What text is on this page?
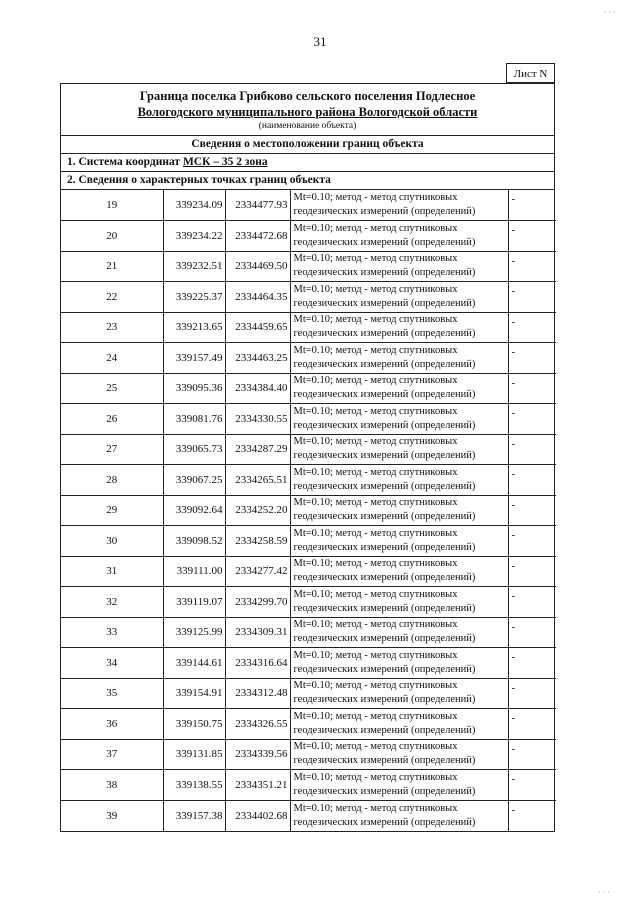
31
Лист N
Граница поселка Грибково сельского поселения Подлесное
Вологодского муниципального района Вологодской области
(наименование объекта)
Сведения о местоположении границ объекта
1. Система координат МСК – 35 2 зона
2. Сведения о характерных точках границ объекта
19	339234.09	2334477.93	Mt=0.10; метод - метод спутниковых
геодезических измерений (определений)	-
20	339234.22	2334472.68	Mt=0.10; метод - метод спутниковых
геодезических измерений (определений)	-
21	339232.51	2334469.50	Mt=0.10; метод - метод спутниковых
геодезических измерений (определений)	-
22	339225.37	2334464.35	Mt=0.10; метод - метод спутниковых
геодезических измерений (определений)	-
23	339213.65	2334459.65	Mt=0.10; метод - метод спутниковых
геодезических измерений (определений)	-
24	339157.49	2334463.25	Mt=0.10; метод - метод спутниковых
геодезических измерений (определений)	-
25	339095.36	2334384.40	Mt=0.10; метод - метод спутниковых
геодезических измерений (определений)	-
26	339081.76	2334330.55	Mt=0.10; метод - метод спутниковых
геодезических измерений (определений)	-
27	339065.73	2334287.29	Mt=0.10; метод - метод спутниковых
геодезических измерений (определений)	-
28	339067.25	2334265.51	Mt=0.10; метод - метод спутниковых
геодезических измерений (определений)	-
29	339092.64	2334252.20	Mt=0.10; метод - метод спутниковых
геодезических измерений (определений)	-
30	339098.52	2334258.59	Mt=0.10; метод - метод спутниковых
геодезических измерений (определений)	-
31	339111.00	2334277.42	Mt=0.10; метод - метод спутниковых
геодезических измерений (определений)	-
32	339119.07	2334299.70	Mt=0.10; метод - метод спутниковых
геодезических измерений (определений)	-
33	339125.99	2334309.31	Mt=0.10; метод - метод спутниковых
геодезических измерений (определений)	-
34	339144.61	2334316.64	Mt=0.10; метод - метод спутниковых
геодезических измерений (определений)	-
35	339154.91	2334312.48	Mt=0.10; метод - метод спутниковых
геодезических измерений (определений)	-
36	339150.75	2334326.55	Mt=0.10; метод - метод спутниковых
геодезических измерений (определений)	-
37	339131.85	2334339.56	Mt=0.10; метод - метод спутниковых
геодезических измерений (определений)	-
38	339138.55	2334351.21	Mt=0.10; метод - метод спутниковых
геодезических измерений (определений)	-
39	339157.38	2334402.68	Mt=0.10; метод - метод спутниковых
геодезических измерений (определений)	-
· · ·
· · ·
